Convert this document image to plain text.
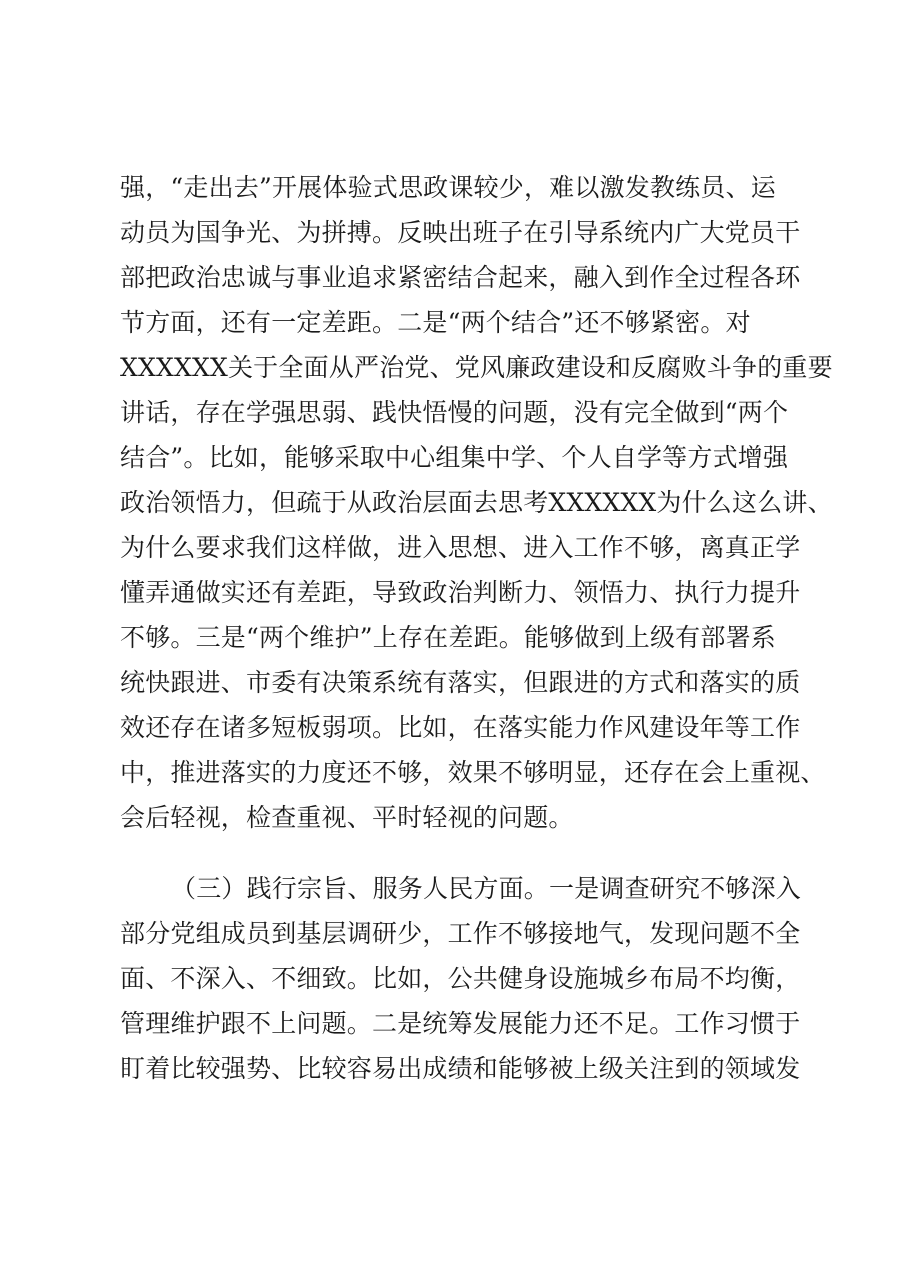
强，“走出去”开展体验式思政课较少，难以激发教练员、运
动员为国争光、为拼搏。反映出班子在引导系统内广大党员干
部把政治忠诚与事业追求紧密结合起来，融入到作全过程各环
节方面，还有一定差距。二是“两个结合”还不够紧密。对
XXXXXX关于全面从严治党、党风廉政建设和反腐败斗争的重要
讲话，存在学强思弱、践快悟慢的问题，没有完全做到“两个
结合”。比如，能够采取中心组集中学、个人自学等方式增强
政治领悟力，但疏于从政治层面去思考XXXXXX为什么这么讲、
为什么要求我们这样做，进入思想、进入工作不够，离真正学
懂弄通做实还有差距，导致政治判断力、领悟力、执行力提升
不够。三是“两个维护”上存在差距。能够做到上级有部署系
统快跟进、市委有决策系统有落实，但跟进的方式和落实的质
效还存在诸多短板弱项。比如，在落实能力作风建设年等工作
中，推进落实的力度还不够，效果不够明显，还存在会上重视、
会后轻视，检查重视、平时轻视的问题。
（三）践行宗旨、服务人民方面。一是调查研究不够深入
部分党组成员到基层调研少，工作不够接地气，发现问题不全
面、不深入、不细致。比如，公共健身设施城乡布局不均衡，
管理维护跟不上问题。二是统筹发展能力还不足。工作习惯于
盯着比较强势、比较容易出成绩和能够被上级关注到的领域发
